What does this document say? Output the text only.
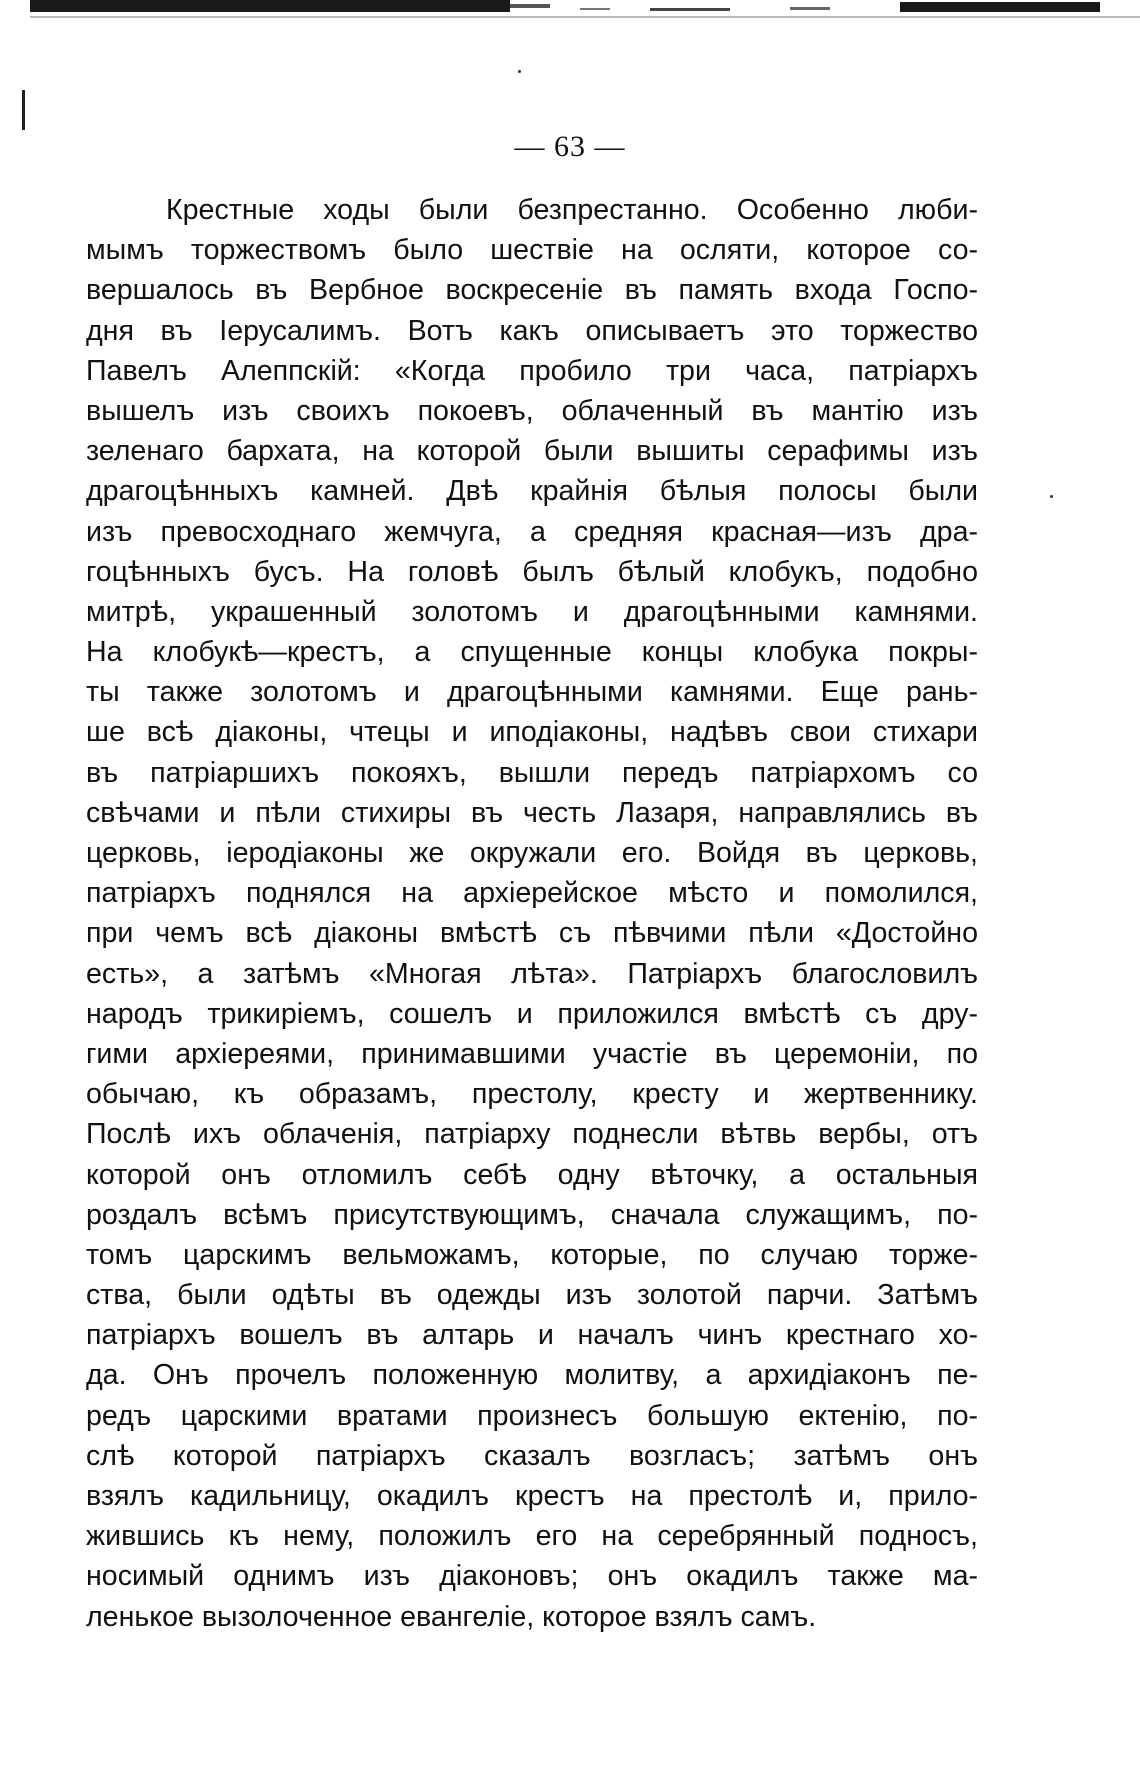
— 63 —
Крестные ходы были безпрестанно. Особенно люби-
мымъ торжествомъ было шествіе на осляти, которое со-
вершалось въ Вербное воскресеніе въ память входа Госпо-
дня въ Іерусалимъ. Вотъ какъ описываетъ это торжество
Павелъ Алеппскій: «Когда пробило три часа, патріархъ
вышелъ изъ своихъ покоевъ, облаченный въ мантію изъ
зеленаго бархата, на которой были вышиты серафимы изъ
драгоцѣнныхъ камней. Двѣ крайнія бѣлыя полосы были
изъ превосходнаго жемчуга, а средняя красная—изъ дра-
гоцѣнныхъ бусъ. На головѣ былъ бѣлый клобукъ, подобно
митрѣ, украшенный золотомъ и драгоцѣнными камнями.
На клобукѣ—крестъ, а спущенные концы клобука покры-
ты также золотомъ и драгоцѣнными камнями. Еще рань-
ше всѣ діаконы, чтецы и иподіаконы, надѣвъ свои стихари
въ патріаршихъ покояхъ, вышли передъ патріархомъ со
свѣчами и пѣли стихиры въ честь Лазаря, направлялись въ
церковь, іеродіаконы же окружали его. Войдя въ церковь,
патріархъ поднялся на архіерейское мѣсто и помолился,
при чемъ всѣ діаконы вмѣстѣ съ пѣвчими пѣли «Достойно
есть», а затѣмъ «Многая лѣта». Патріархъ благословилъ
народъ трикиріемъ, сошелъ и приложился вмѣстѣ съ дру-
гими архіереями, принимавшими участіе въ церемоніи, по
обычаю, къ образамъ, престолу, кресту и жертвеннику.
Послѣ ихъ облаченія, патріарху поднесли вѣтвь вербы, отъ
которой онъ отломилъ себѣ одну вѣточку, а остальныя
роздалъ всѣмъ присутствующимъ, сначала служащимъ, по-
томъ царскимъ вельможамъ, которые, по случаю торже-
ства, были одѣты въ одежды изъ золотой парчи. Затѣмъ
патріархъ вошелъ въ алтарь и началъ чинъ крестнаго хо-
да. Онъ прочелъ положенную молитву, а архидіаконъ пе-
редъ царскими вратами произнесъ большую ектенію, по-
слѣ которой патріархъ сказалъ возгласъ; затѣмъ онъ
взялъ кадильницу, окадилъ крестъ на престолѣ и, прило-
жившись къ нему, положилъ его на серебрянный подносъ,
носимый однимъ изъ діаконовъ; онъ окадилъ также ма-
ленькое вызолоченное евангеліе, которое взялъ самъ.
